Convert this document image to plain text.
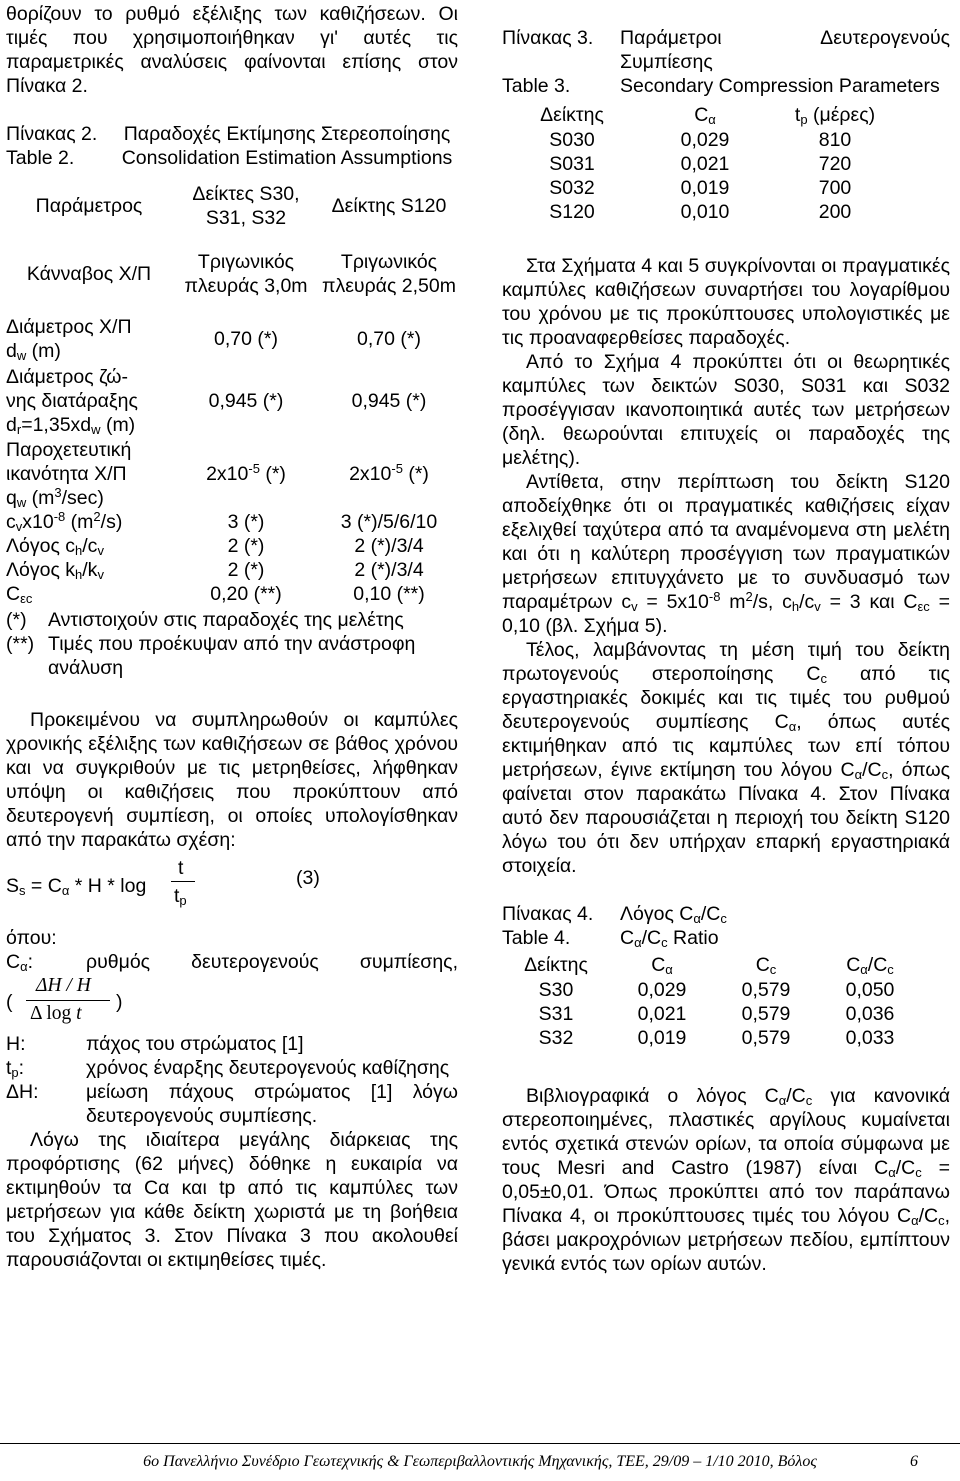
θορίζουν το ρυθμό εξέλιξης των καθιζήσεων. Οι τιμές που χρησιμοποιήθηκαν γι' αυτές τις παραμετρικές αναλύσεις φαίνονται επίσης στον Πίνακα 2.

Πίνακας 2.	Παραδοχές Εκτίμησης Στερεοποίησης
Table 2.	Consolidation Estimation Assumptions
Παράμετρος	Δείκτες S30, S31, S32	Δείκτης S120
Κάνναβος Χ/Π	Τριγωνικός πλευράς 3,0m	Τριγωνικός πλευράς 2,50m
Διάμετρος Χ/Π
$d_w$ (m)	0,70 (*)	0,70 (*)
Διάμετρος ζώ-
νης διατάραξης
$d_r=1,35xd_w$ (m)	0,945 (*)	0,945 (*)
Παροχετευτική
ικανότητα Χ/Π
$q_w$ $(m^3/\sec)$	$2x10^{-5}$ (*)	$2x10^{-5}$ (*)
$c_vx10^{-8}$ $(m^2/s)$	3 (*)	3 (*)/5/6/10
Λόγος $c_h/c_v$	2 (*)	2 (*)/3/4
Λόγος $k_h/k_v$	2 (*)	2 (*)/3/4
$C_{\varepsilon c}$	0,20 (**)	0,10 (**)
(*)	Αντιστοιχούν στις παραδοχές της μελέτης
(**) Τιμές που προέκυψαν από την ανάστροφη ανάλυση

Προκειμένου να συμπληρωθούν οι καμπύλες χρονικής εξέλιξης των καθιζήσεων σε βάθος χρόνου και να συγκριθούν με τις μετρηθείσες, λήφθηκαν υπόψη οι καθιζήσεις που προκύπτουν από δευτερογενή συμπίεση, οι οποίες υπολογίσθηκαν από την παρακάτω σχέση:

$S_s = C_\alpha * H * \log$
t
$t_p$
(3)

όπου:

$C_\alpha$:	ρυθμός δευτερογενούς συμπίεσης,
(
ΔH / H
Δ log t
)
H:	πάχος του στρώματος [1]
$t_p$:	χρόνος έναρξης δευτερογενούς καθίζησης
ΔΗ:	μείωση πάχους στρώματος [1] λόγω δευτερογενούς συμπίεσης.

Λόγω της ιδιαίτερα μεγάλης διάρκειας της προφόρτισης (62 μήνες) δόθηκε η ευκαιρία να εκτιμηθούν τα Cα και tp από τις καμπύλες των μετρήσεων για κάθε δείκτη χωριστά με τη βοήθεια του Σχήματος 3. Στον Πίνακα 3 που ακολουθεί παρουσιάζονται οι εκτιμηθείσες τιμές.

Πίνακας 3.	Παράμετροι Δευτερογενούς Συμπίεσης
Table 3.	Secondary Compression Parameters
Δείκτης	$C_\alpha$	$t_p$ (μέρες)
S030	0,029	810
S031	0,021	720
S032	0,019	700
S120	0,010	200

Στα Σχήματα 4 και 5 συγκρίνονται οι πραγματικές καμπύλες καθιζήσεων συναρτήσει του λογαρίθμου του χρόνου με τις προκύπτουσες υπολογιστικές με τις προαναφερθείσες παραδοχές.

Από το Σχήμα 4 προκύπτει ότι οι θεωρητικές καμπύλες των δεικτών S030, S031 και S032 προσέγγισαν ικανοποιητικά αυτές των μετρήσεων (δηλ. θεωρούνται επιτυχείς οι παραδοχές της μελέτης).

Αντίθετα, στην περίπτωση του δείκτη S120 αποδείχθηκε ότι οι πραγματικές καθιζήσεις είχαν εξελιχθεί ταχύτερα από τα αναμένομενα στη μελέτη και ότι η καλύτερη προσέγγιση των πραγματικών μετρήσεων επιτυγχάνετο με το συνδυασμό των παραμέτρων $c_v = 5x10^{-8}$ $m^2/s$, $c_h/c_v = 3$ και $C_{\varepsilon c} = 0,10$ (βλ. Σχήμα 5).

Τέλος, λαμβάνοντας τη μέση τιμή του δείκτη πρωτογενούς στεροποίησης $C_c$ από τις εργαστηριακές δοκιμές και τις τιμές του ρυθμού δευτερογενούς συμπίεσης $C_\alpha$, όπως αυτές εκτιμήθηκαν από τις καμπύλες των επί τόπου μετρήσεων, έγινε εκτίμηση του λόγου $C_\alpha/C_c$, όπως φαίνεται στον παρακάτω Πίνακα 4. Στον Πίνακα αυτό δεν παρουσιάζεται η περιοχή του δείκτη S120 λόγω του ότι δεν υπήρχαν επαρκή εργαστηριακά στοιχεία.

Πίνακας 4.	Λόγος $C_\alpha/C_c$
Table 4.	$C_\alpha/C_c$ Ratio
Δείκτης	$C_\alpha$	$C_c$	$C_\alpha/C_c$
S30	0,029	0,579	0,050
S31	0,021	0,579	0,036
S32	0,019	0,579	0,033

Βιβλιογραφικά ο λόγος $C_\alpha/C_c$ για κανονικά στερεοποιημένες, πλαστικές αργίλους κυμαίνεται εντός σχετικά στενών ορίων, τα οποία σύμφωνα με τους Mesri and Castro (1987) είναι $C_\alpha/C_c = 0,05\pm 0,01$. Όπως προκύπτει από τον παράπανω Πίνακα 4, οι προκύπτουσες τιμές του λόγου $C_\alpha/C_c$, βάσει μακροχρόνιων μετρήσεων πεδίου, εμπίπτουν γενικά εντός των ορίων αυτών.

6ο Πανελλήνιο Συνέδριο Γεωτεχνικής & Γεωπεριβαλλοντικής Μηχανικής, ΤΕΕ, 29/09 – 1/10 2010, Βόλος	6
